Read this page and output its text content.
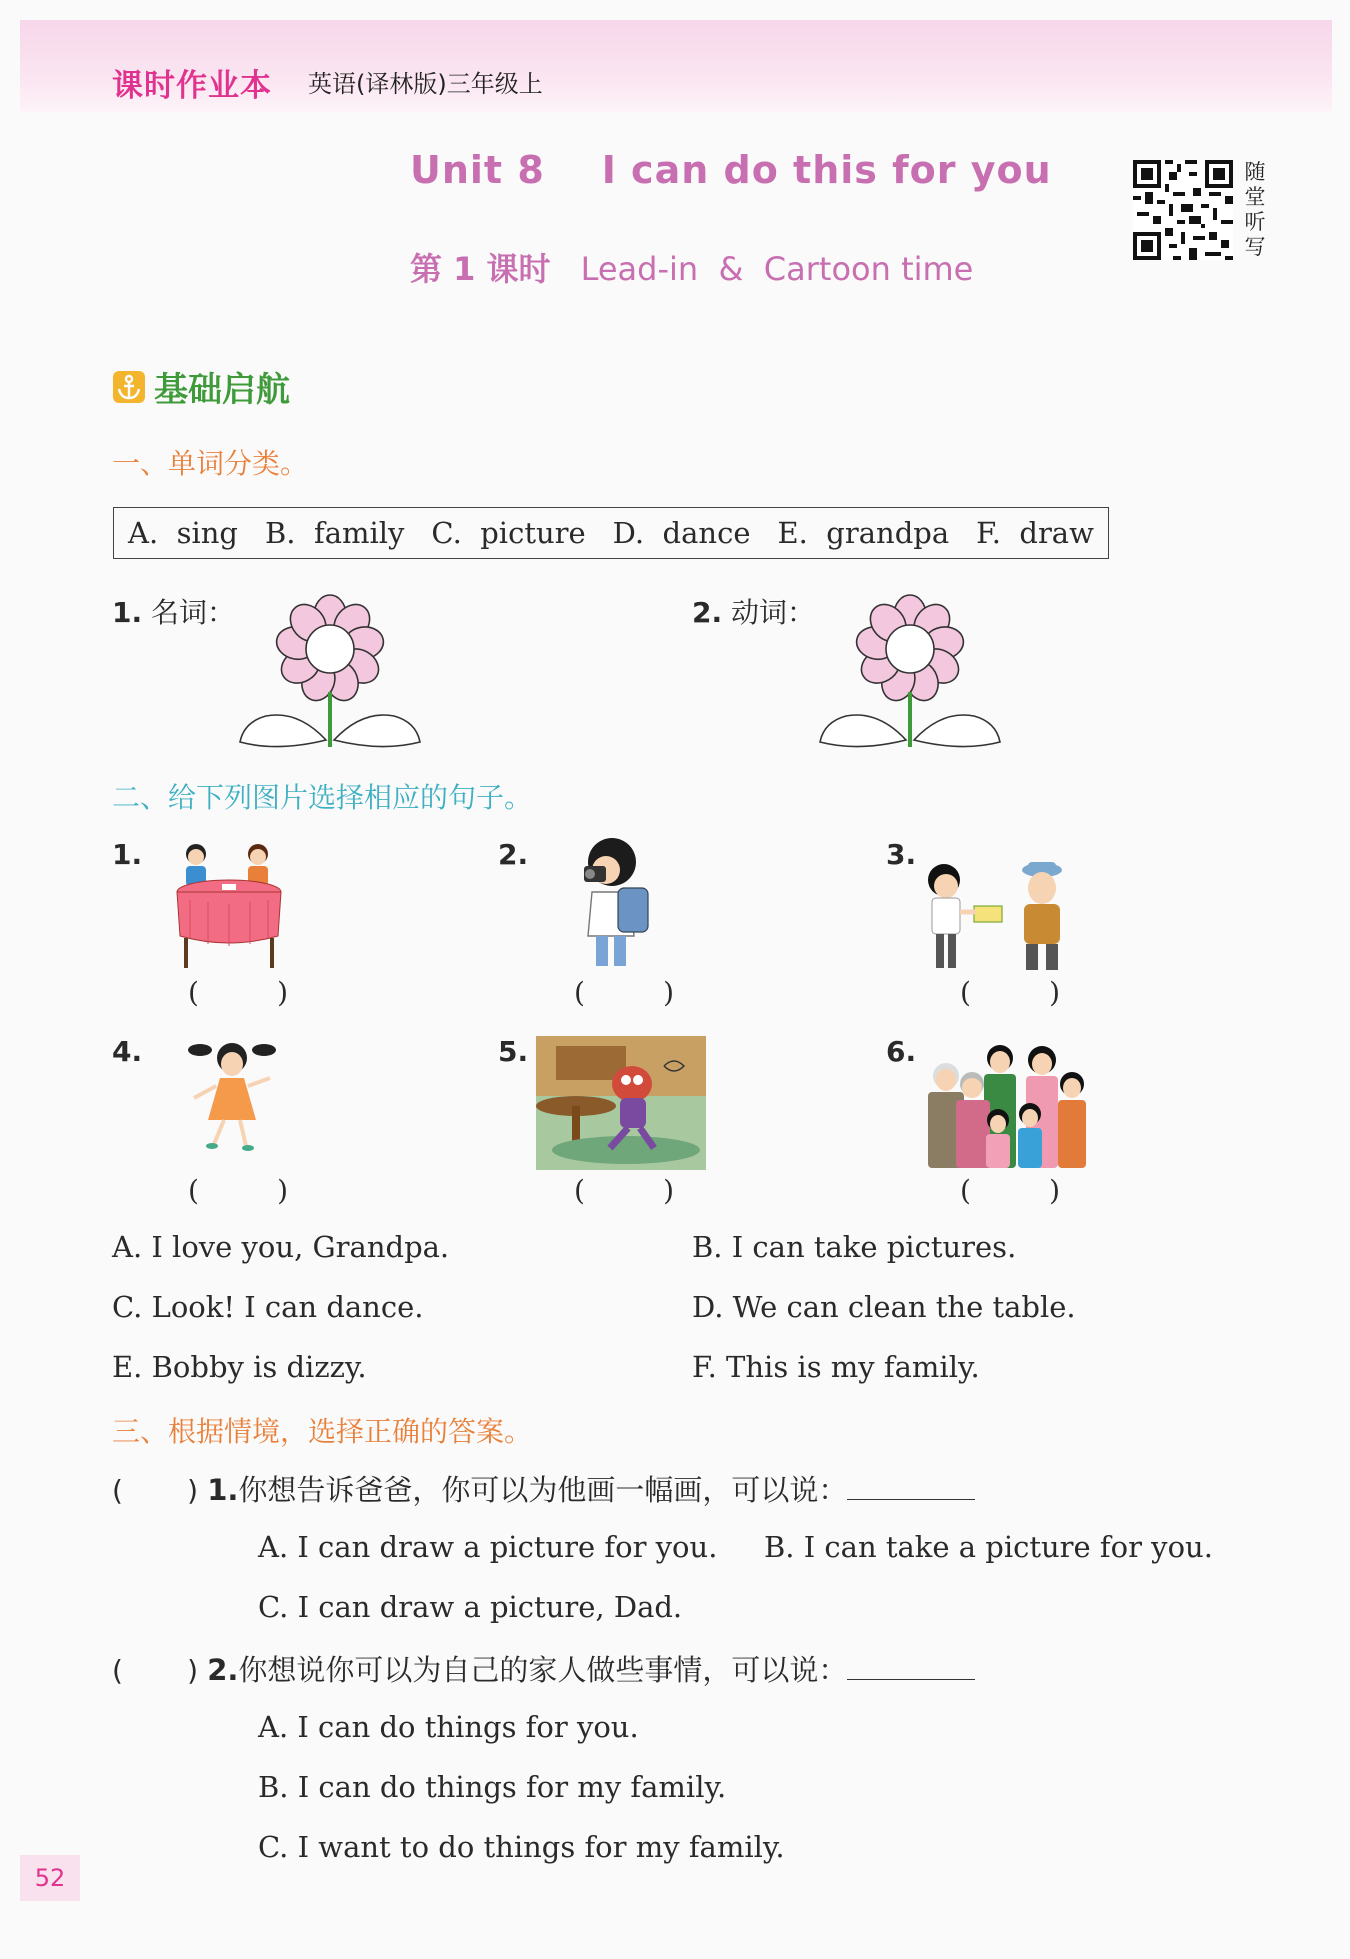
课时作业本 英语(译林版)三年级上
Unit 8    I can do this for you
第 1 课时 Lead-in  &  Cartoon time
随
堂
听
写
基础启航
一、单词分类。
A.  sing B.  family C.  picture D.  dance E.  grandpa F.  draw
1. 名词：	2. 动词：
二、给下列图片选择相应的句子。
1.	2.	3.
(	)	(	)	(	)
4.	5.	6.
(	)	(	)	(	)
A. I love you, Grandpa.	B. I can take pictures.
C. Look! I can dance.	D. We can clean the table.
E. Bobby is dizzy.	F. This is my family.
三、根据情境，选择正确的答案。
( ) 1.你想告诉爸爸，你可以为他画一幅画，可以说：
A. I can draw a picture for you. B. I can take a picture for you.
C. I can draw a picture, Dad.
( ) 2.你想说你可以为自己的家人做些事情，可以说：
A. I can do things for you.
B. I can do things for my family.
C. I want to do things for my family.
52
